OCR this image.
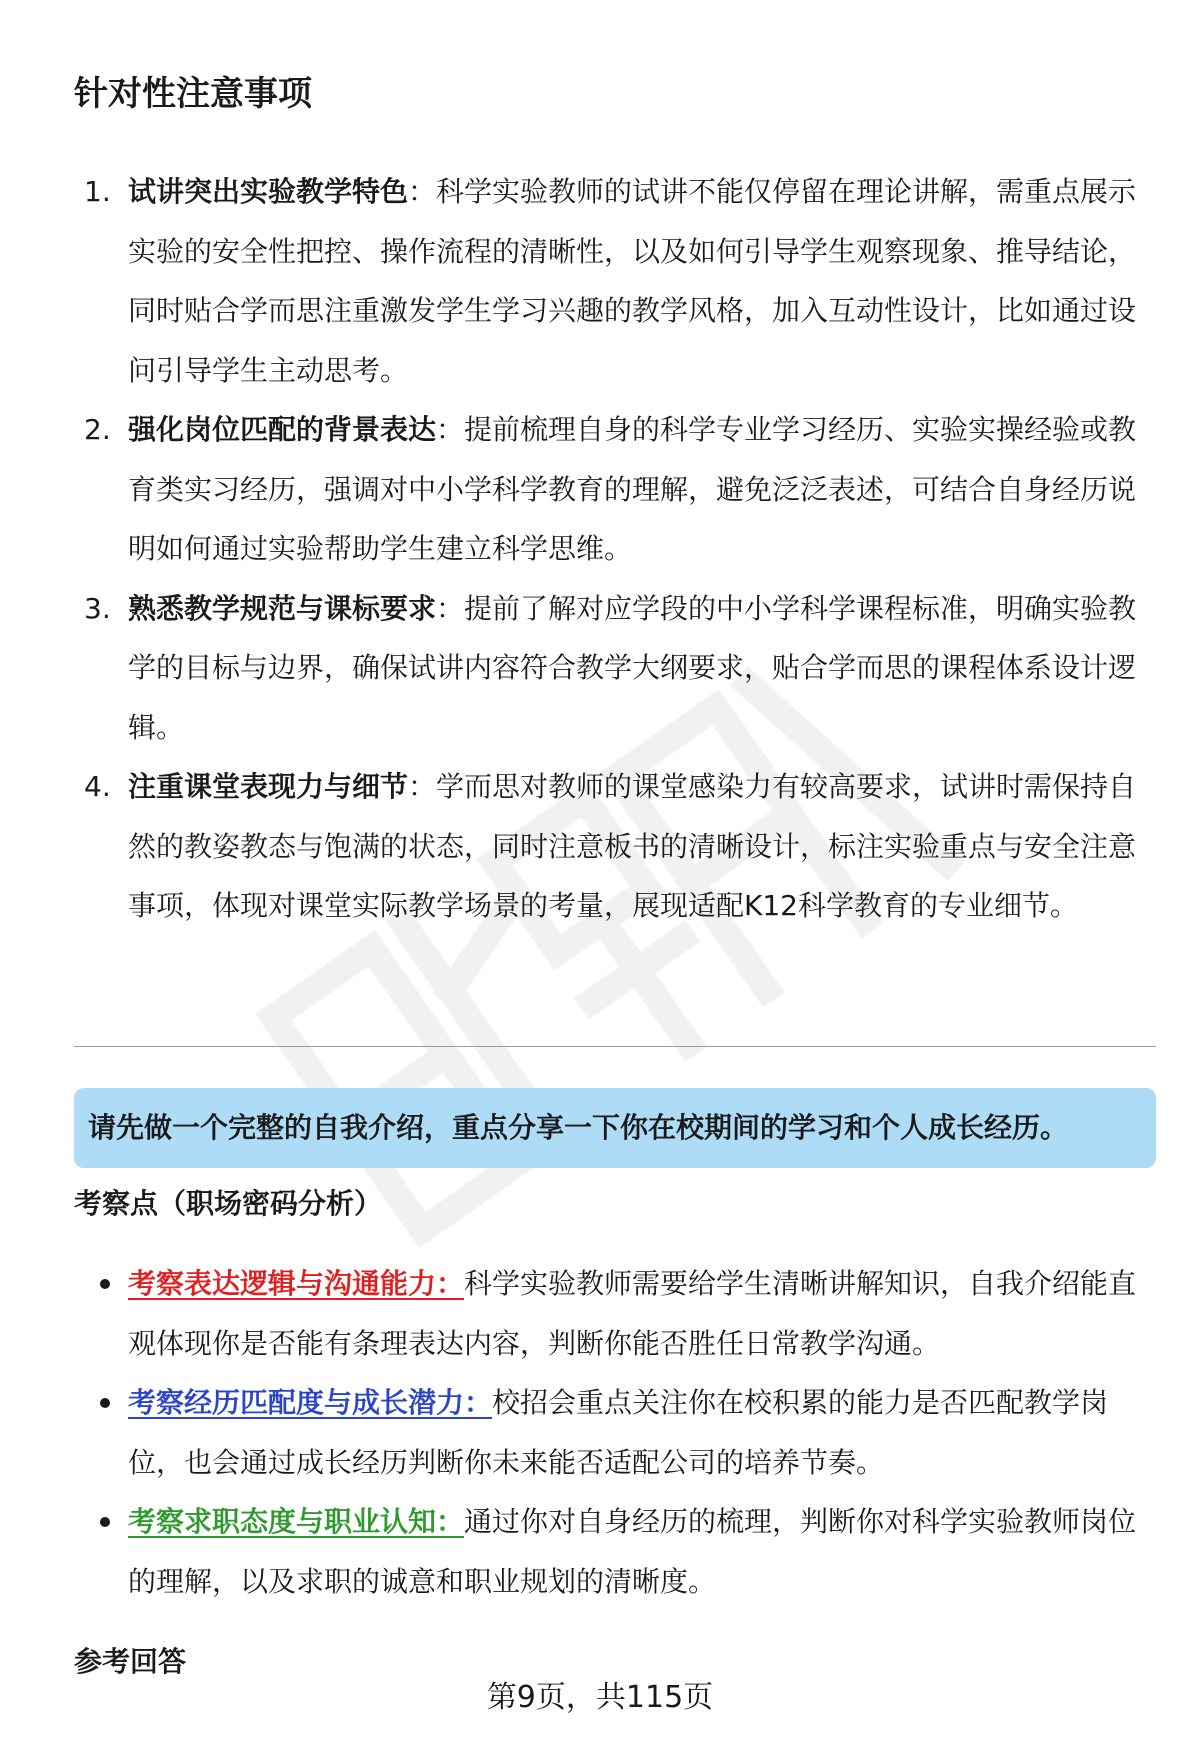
针对性注意事项
1. 试讲突出实验教学特色：科学实验教师的试讲不能仅停留在理论讲解，需重点展示实验的安全性把控、操作流程的清晰性，以及如何引导学生观察现象、推导结论，同时贴合学而思注重激发学生学习兴趣的教学风格，加入互动性设计，比如通过设问引导学生主动思考。
2. 强化岗位匹配的背景表达：提前梳理自身的科学专业学习经历、实验实操经验或教育类实习经历，强调对中小学科学教育的理解，避免泛泛表述，可结合自身经历说明如何通过实验帮助学生建立科学思维。
3. 熟悉教学规范与课标要求：提前了解对应学段的中小学科学课程标准，明确实验教学的目标与边界，确保试讲内容符合教学大纲要求，贴合学而思的课程体系设计逻辑。
4. 注重课堂表现力与细节：学而思对教师的课堂感染力有较高要求，试讲时需保持自然的教姿教态与饱满的状态，同时注意板书的清晰设计，标注实验重点与安全注意事项，体现对课堂实际教学场景的考量，展现适配K12科学教育的专业细节。
请先做一个完整的自我介绍，重点分享一下你在校期间的学习和个人成长经历。
考察点（职场密码分析）
考察表达逻辑与沟通能力：科学实验教师需要给学生清晰讲解知识，自我介绍能直观体现你是否能有条理表达内容，判断你能否胜任日常教学沟通。
考察经历匹配度与成长潜力：校招会重点关注你在校积累的能力是否匹配教学岗位，也会通过成长经历判断你未来能否适配公司的培养节奏。
考察求职态度与职业认知：通过你对自身经历的梳理，判断你对科学实验教师岗位的理解，以及求职的诚意和职业规划的清晰度。
参考回答
第9页，共115页
